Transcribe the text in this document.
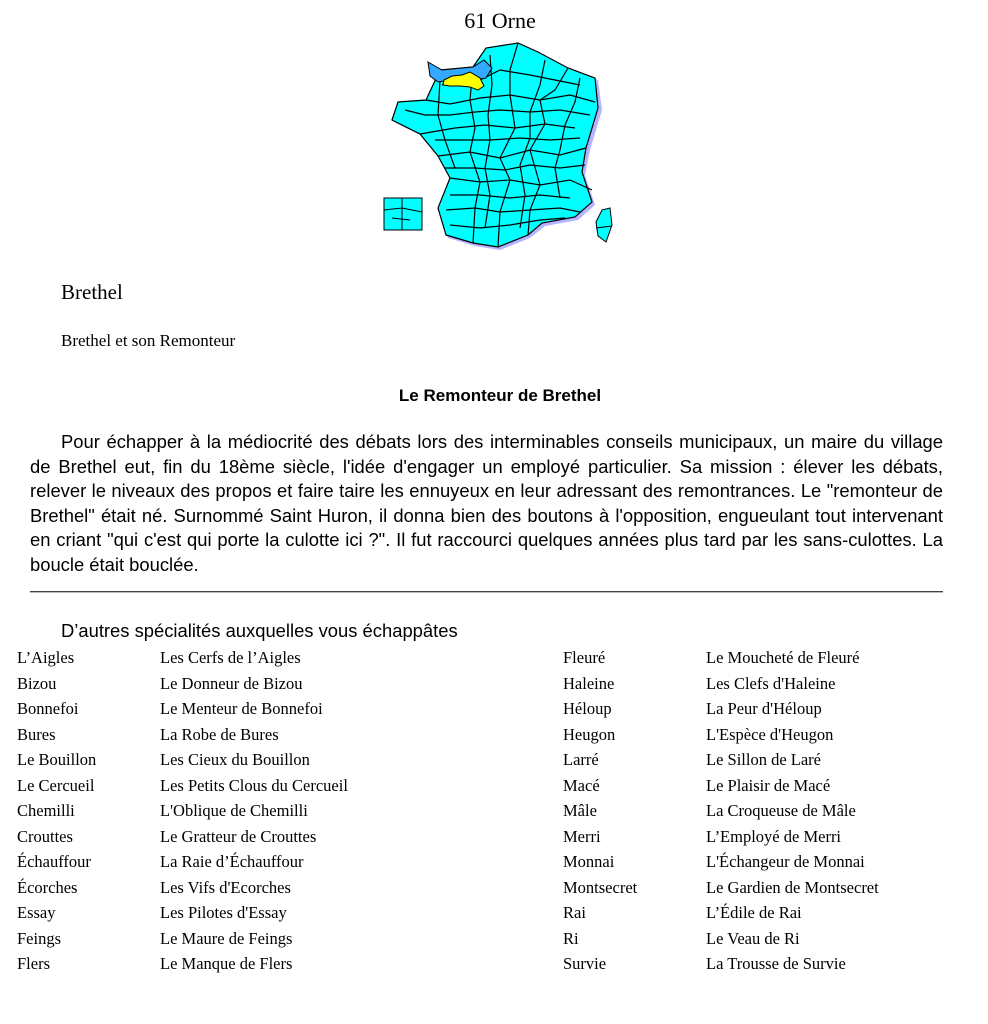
61 Orne
Brethel
Brethel et son Remonteur
Le Remonteur de Brethel

Pour échapper à la médiocrité des débats lors des interminables conseils municipaux, un maire du village de Brethel eut, fin du 18ème siècle, l'idée d'engager un employé particulier. Sa mission : élever les débats, relever le niveaux des propos et faire taire les ennuyeux en leur adressant des remontrances. Le "remonteur de Brethel" était né. Surnommé Saint Huron, il donna bien des boutons à l'opposition, engueulant tout intervenant en criant "qui c'est qui porte la culotte ici ?". Il fut raccourci quelques années plus tard par les sans-culottes. La boucle était bouclée.

D’autres spécialités auxquelles vous échappâtes
L’Aigles
Bizou
Bonnefoi
Bures
Le Bouillon
Le Cercueil
Chemilli
Crouttes
Échauffour
Écorches
Essay
Feings
Flers
Les Cerfs de l’Aigles
Le Donneur de Bizou
Le Menteur de Bonnefoi
La Robe de Bures
Les Cieux du Bouillon
Les Petits Clous du Cercueil
L'Oblique de Chemilli
Le Gratteur de Crouttes
La Raie d’Échauffour
Les Vifs d'Ecorches
Les Pilotes d'Essay
Le Maure de Feings
Le Manque de Flers
Fleuré
Haleine
Héloup
Heugon
Larré
Macé
Mâle
Merri
Monnai
Montsecret
Rai
Ri
Survie
Le Moucheté de Fleuré
Les Clefs d'Haleine
La Peur d'Héloup
L'Espèce d'Heugon
Le Sillon de Laré
Le Plaisir de Macé
La Croqueuse de Mâle
L’Employé de Merri
L'Échangeur de Monnai
Le Gardien de Montsecret
L’Édile de Rai
Le Veau de Ri
La Trousse de Survie
